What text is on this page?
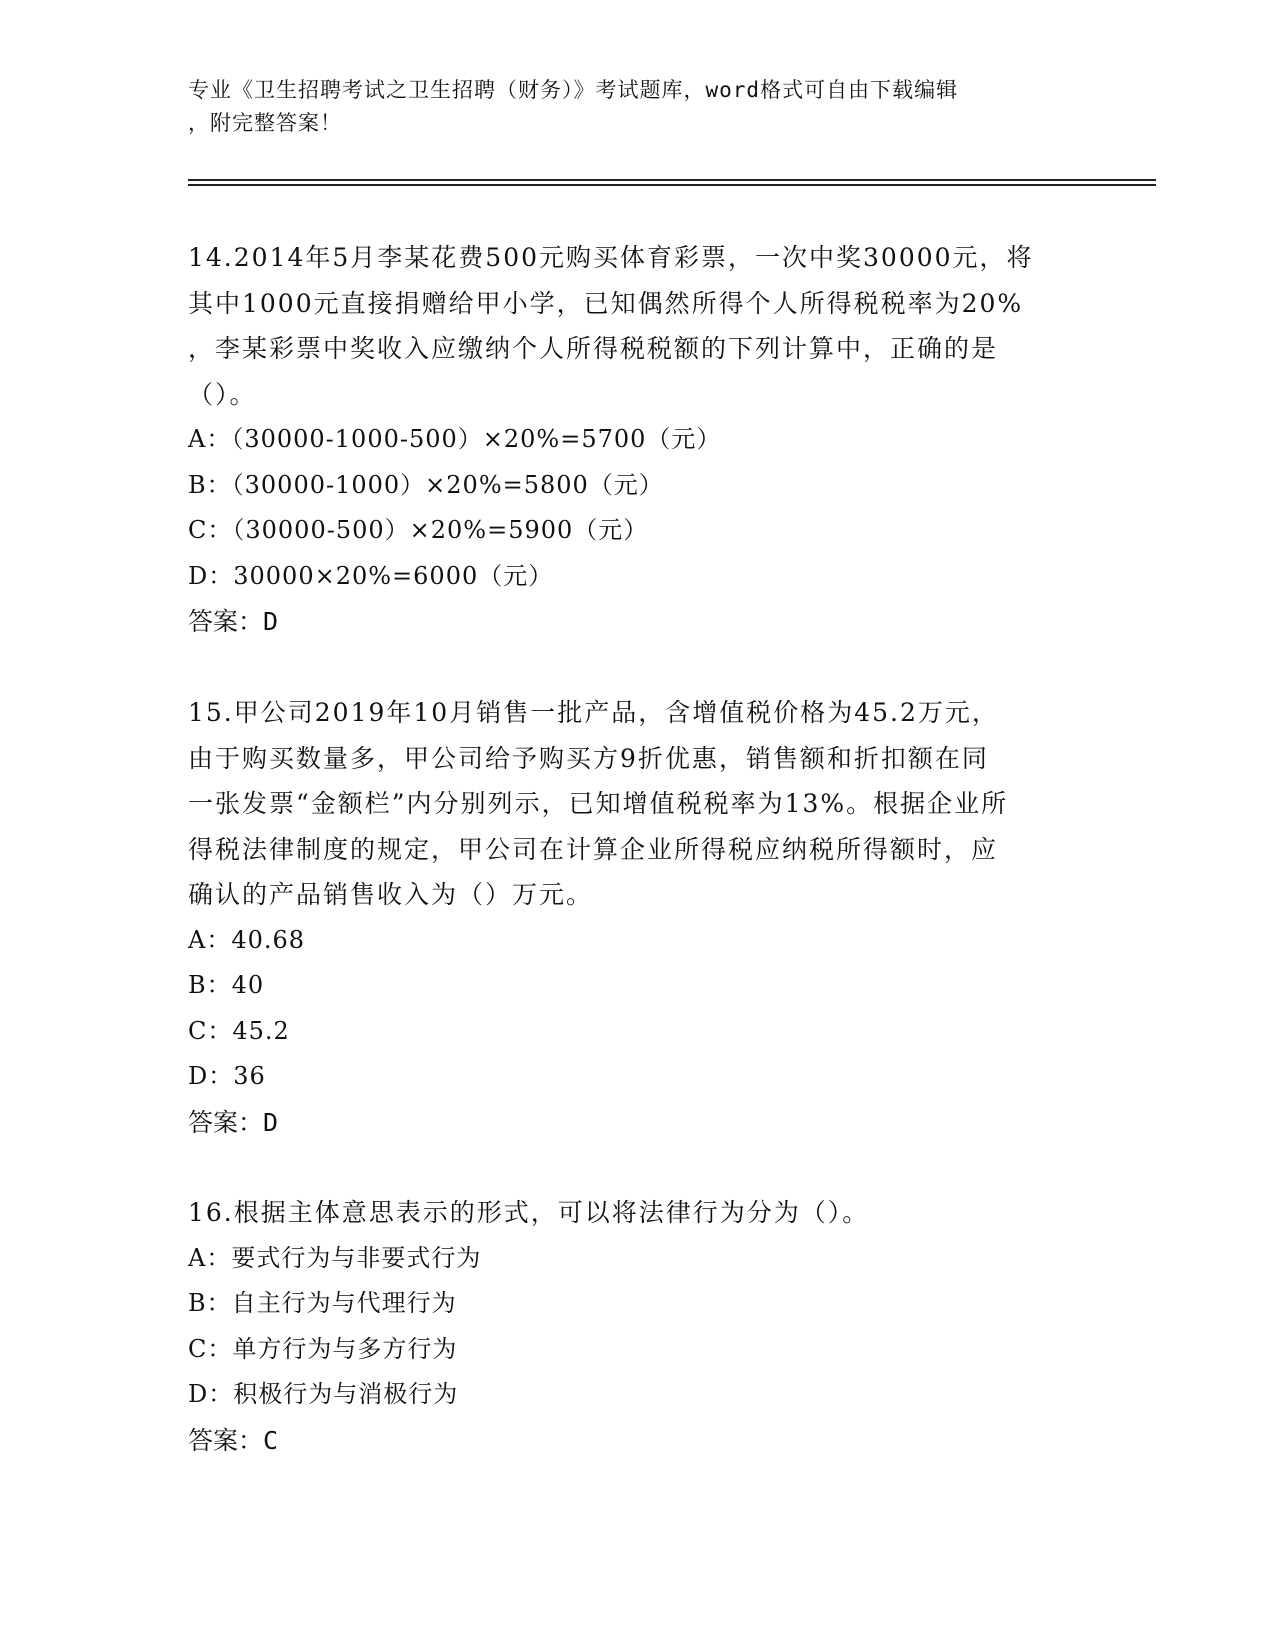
专业《卫生招聘考试之卫生招聘（财务）》考试题库，word格式可自由下载编辑
，附完整答案！
14.2014年5月李某花费500元购买体育彩票，一次中奖30000元，将
其中1000元直接捐赠给甲小学，已知偶然所得个人所得税税率为20%
，李某彩票中奖收入应缴纳个人所得税税额的下列计算中，正确的是
（）。
A：（30000-1000-500）×20%=5700（元）
B：（30000-1000）×20%=5800（元）
C：（30000-500）×20%=5900（元）
D：30000×20%=6000（元）
答案：D
15.甲公司2019年10月销售一批产品，含增值税价格为45.2万元，
由于购买数量多，甲公司给予购买方9折优惠，销售额和折扣额在同
一张发票“金额栏”内分别列示，已知增值税税率为13%。根据企业所
得税法律制度的规定，甲公司在计算企业所得税应纳税所得额时，应
确认的产品销售收入为（）万元。
A：40.68
B：40
C：45.2
D：36
答案：D
16.根据主体意思表示的形式，可以将法律行为分为（）。
A：要式行为与非要式行为
B：自主行为与代理行为
C：单方行为与多方行为
D：积极行为与消极行为
答案：C
